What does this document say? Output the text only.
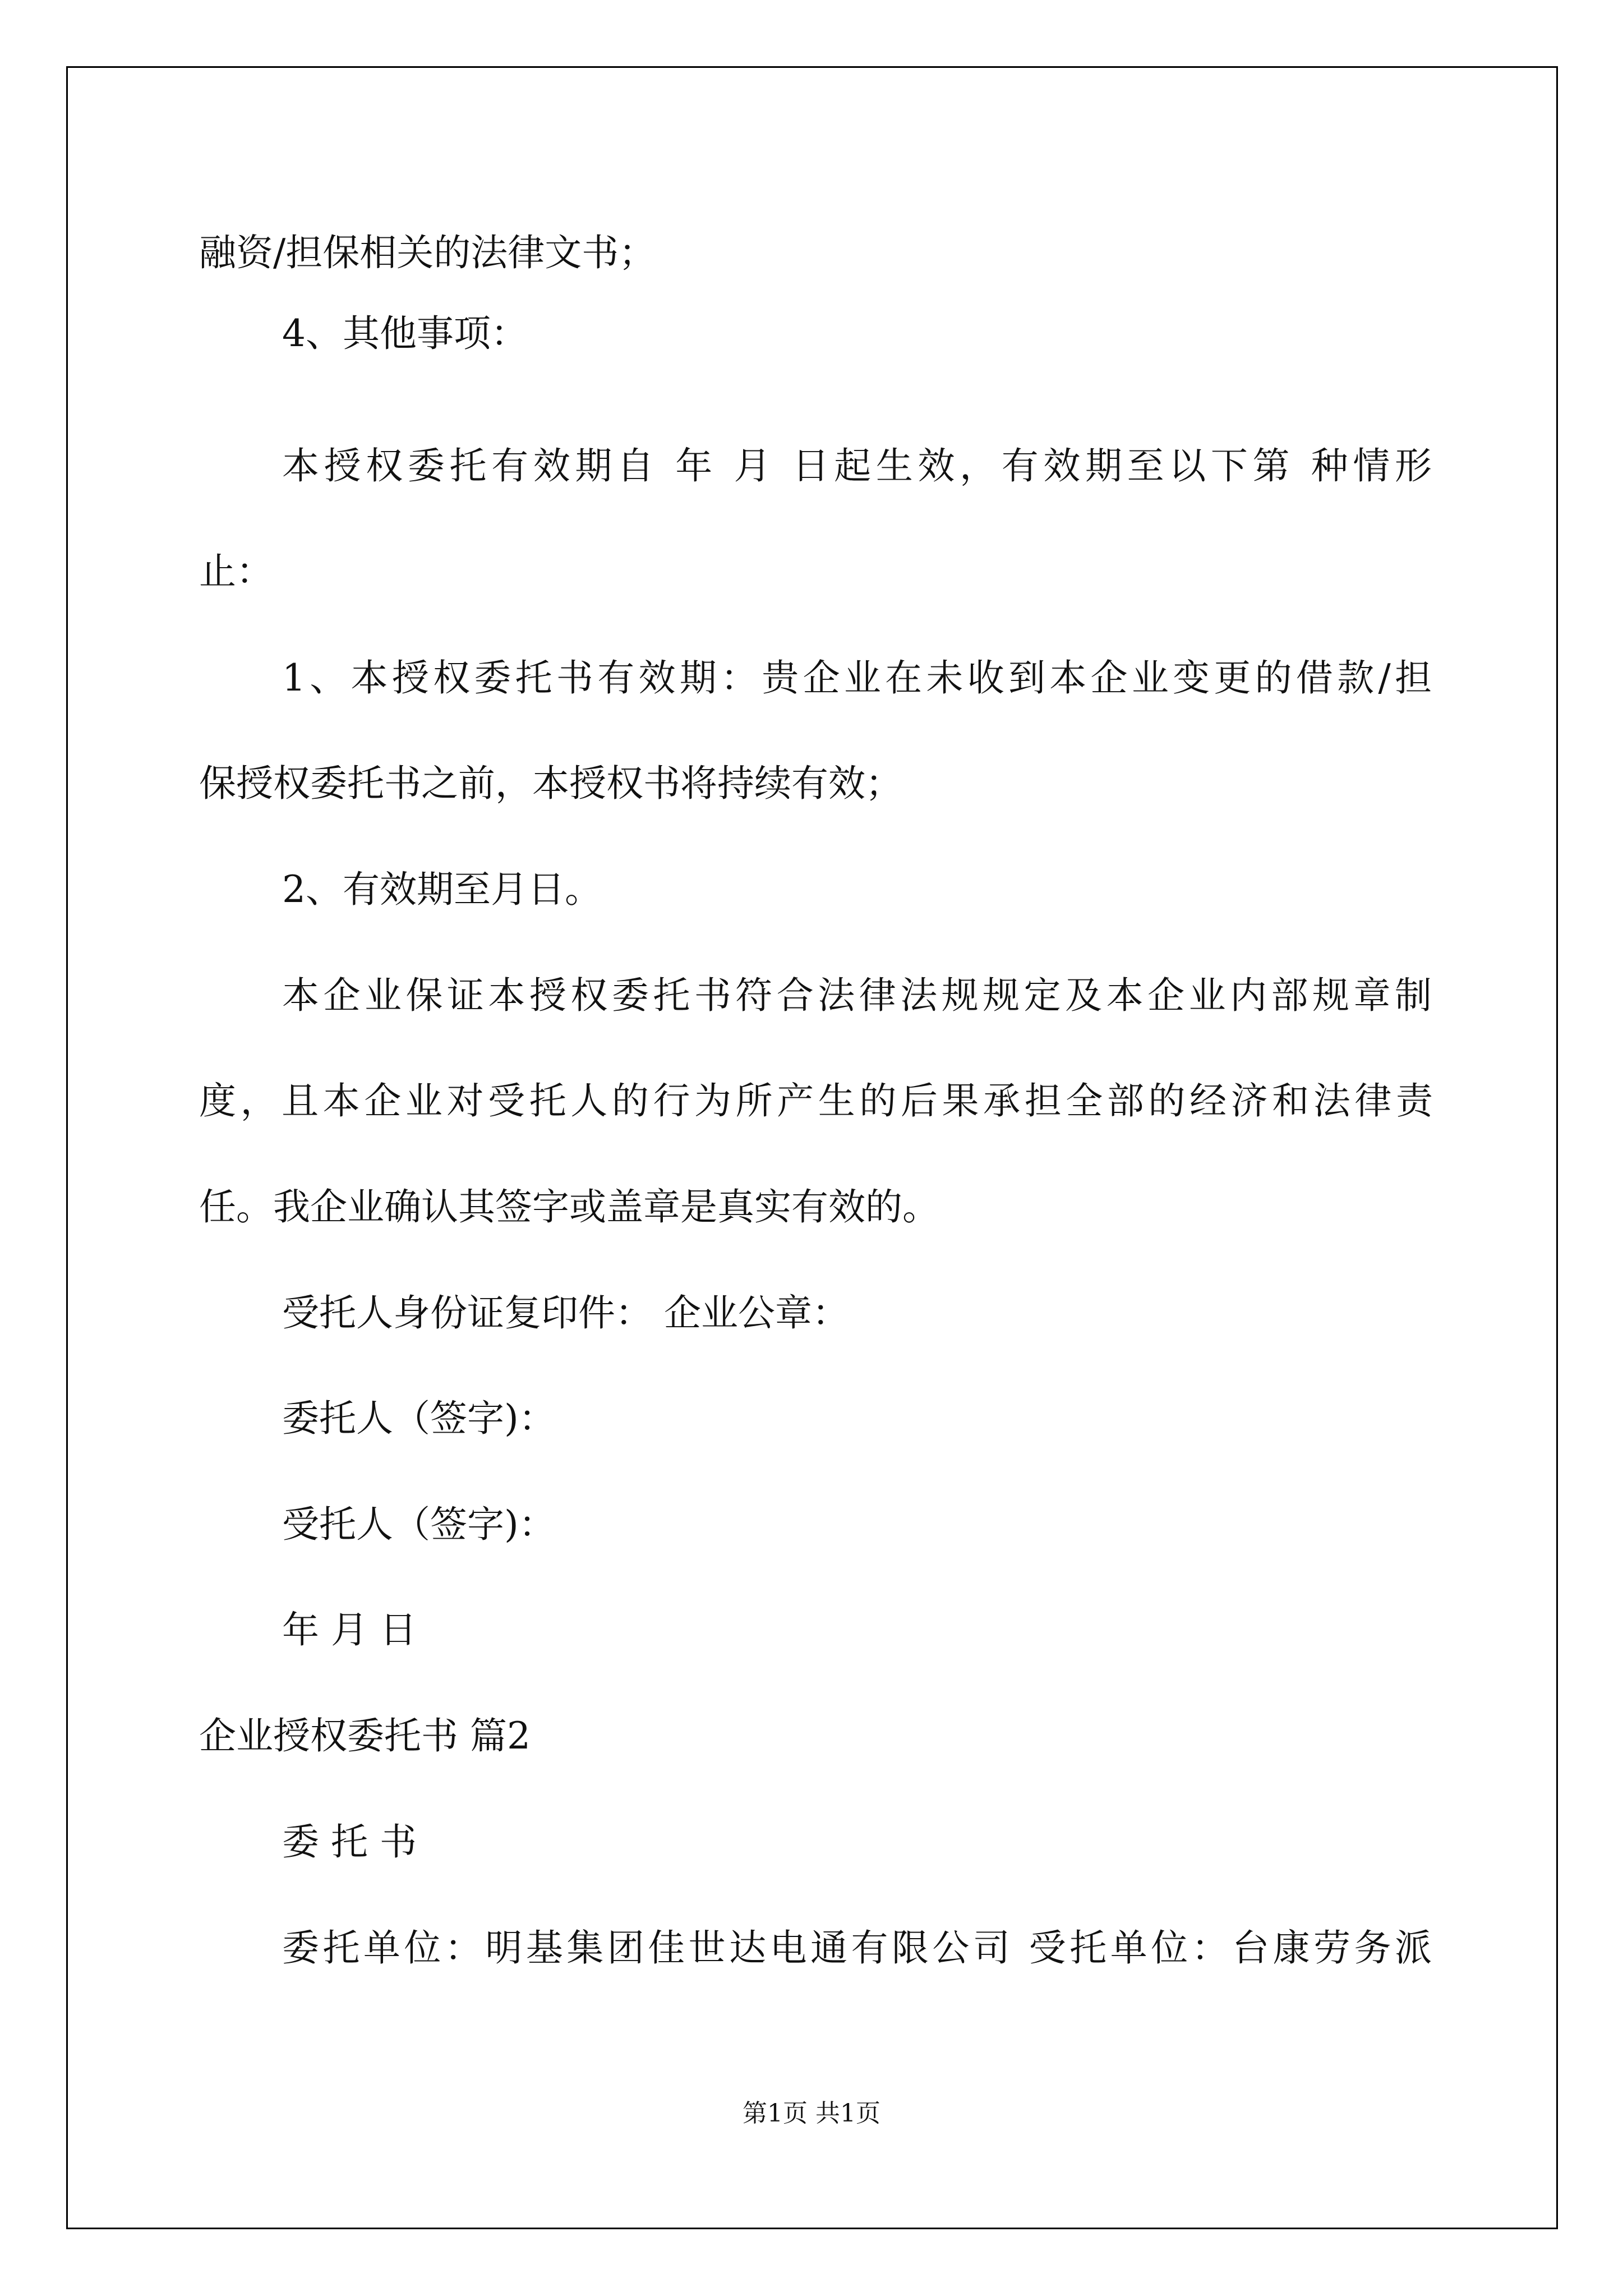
融资/担保相关的法律文书；
4、其他事项：
本授权委托有效期自 年 月 日起生效，有效期至以下第 种情形
止：
1、本授权委托书有效期：贵企业在未收到本企业变更的借款/担
保授权委托书之前，本授权书将持续有效；
2、有效期至月日。
本企业保证本授权委托书符合法律法规规定及本企业内部规章制
度，且本企业对受托人的行为所产生的后果承担全部的经济和法律责
任。我企业确认其签字或盖章是真实有效的。
受托人身份证复印件： 企业公章：
委托人（签字)：
受托人（签字)：
年 月 日
企业授权委托书 篇2
委 托 书
委托单位：明基集团佳世达电通有限公司 受托单位：台康劳务派
第1页 共1页
